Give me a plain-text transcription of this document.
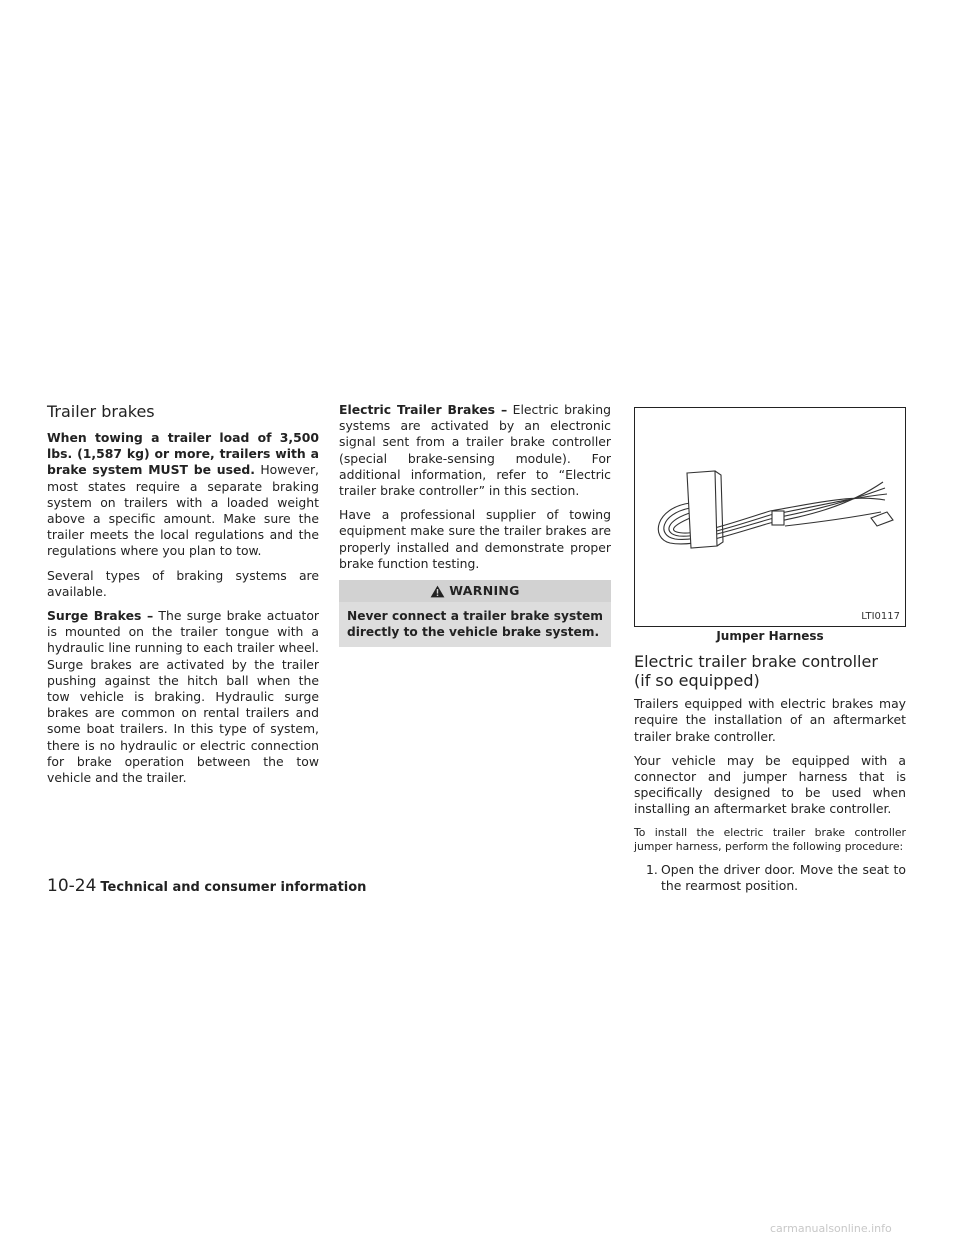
Trailer brakes

When towing a trailer load of 3,500 lbs. (1,587 kg) or more, trailers with a brake system MUST be used. However, most states require a separate braking system on trailers with a loaded weight above a specific amount. Make sure the trailer meets the local regulations and the regulations where you plan to tow.

Several types of braking systems are available.

Surge Brakes – The surge brake actuator is mounted on the trailer tongue with a hydraulic line running to each trailer wheel. Surge brakes are activated by the trailer pushing against the hitch ball when the tow vehicle is braking. Hydraulic surge brakes are common on rental trailers and some boat trailers. In this type of system, there is no hydraulic or electric connection for brake operation between the tow vehicle and the trailer.

Electric Trailer Brakes – Electric braking systems are activated by an electronic signal sent from a trailer brake controller (special brake-sensing module). For additional information, refer to “Electric trailer brake controller” in this section.

Have a professional supplier of towing equipment make sure the trailer brakes are properly installed and demonstrate proper brake function testing.

WARNING
Never connect a trailer brake system directly to the vehicle brake system.
LTI0117
Jumper Harness
Electric trailer brake controller
(if so equipped)

Trailers equipped with electric brakes may require the installation of an aftermarket trailer brake controller.

Your vehicle may be equipped with a connector and jumper harness that is specifically designed to be used when installing an aftermarket brake controller.

To install the electric trailer brake controller jumper harness, perform the following procedure:

1. Open the driver door. Move the seat to the rearmost position.
10-24 Technical and consumer information
carmanualsonline.info
